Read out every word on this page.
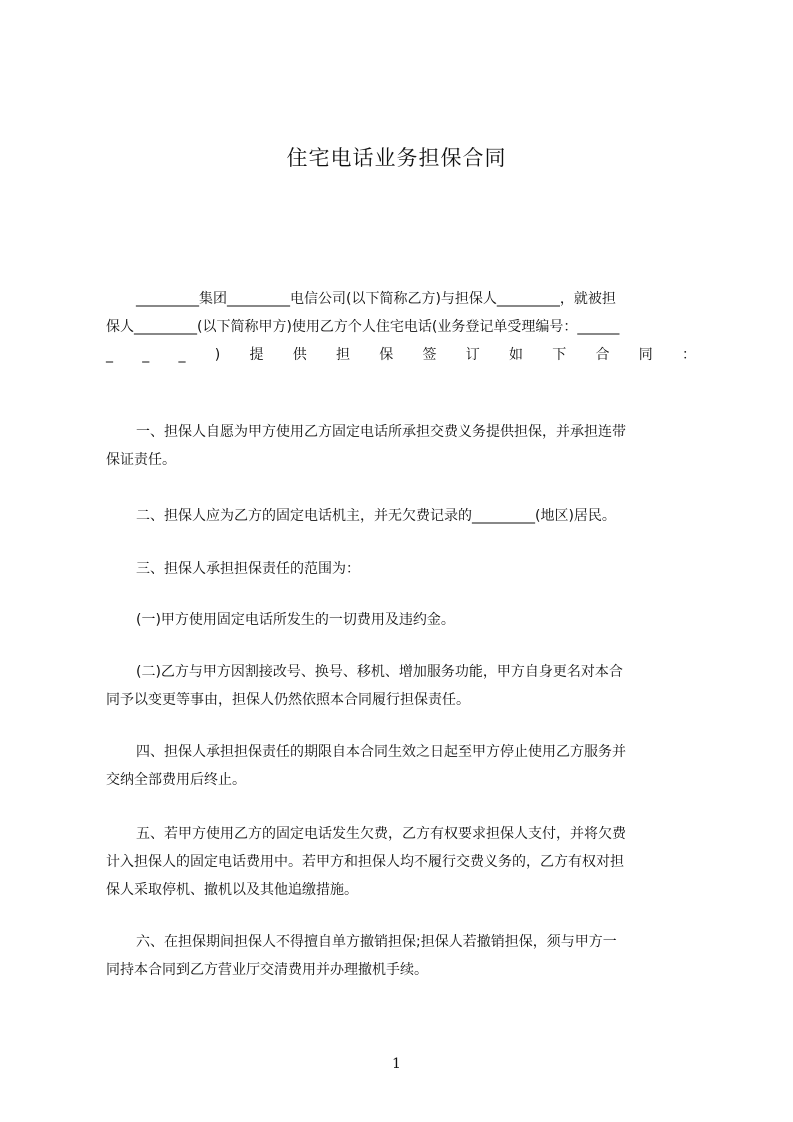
住宅电话业务担保合同
_________集团_________电信公司(以下简称乙方)与担保人_________，就被担
保人_________(以下简称甲方)使用乙方个人住宅电话(业务登记单受理编号：______
_ _ _ ) 提 供 担 保 签 订 如 下 合 同 ：
一、担保人自愿为甲方使用乙方固定电话所承担交费义务提供担保，并承担连带
保证责任。
二、担保人应为乙方的固定电话机主，并无欠费记录的_________(地区)居民。
三、担保人承担担保责任的范围为：
(一)甲方使用固定电话所发生的一切费用及违约金。
(二)乙方与甲方因割接改号、换号、移机、增加服务功能，甲方自身更名对本合
同予以变更等事由，担保人仍然依照本合同履行担保责任。
四、担保人承担担保责任的期限自本合同生效之日起至甲方停止使用乙方服务并
交纳全部费用后终止。
五、若甲方使用乙方的固定电话发生欠费，乙方有权要求担保人支付，并将欠费
计入担保人的固定电话费用中。若甲方和担保人均不履行交费义务的，乙方有权对担
保人采取停机、撤机以及其他追缴措施。
六、在担保期间担保人不得擅自单方撤销担保;担保人若撤销担保，须与甲方一
同持本合同到乙方营业厅交清费用并办理撤机手续。
1
